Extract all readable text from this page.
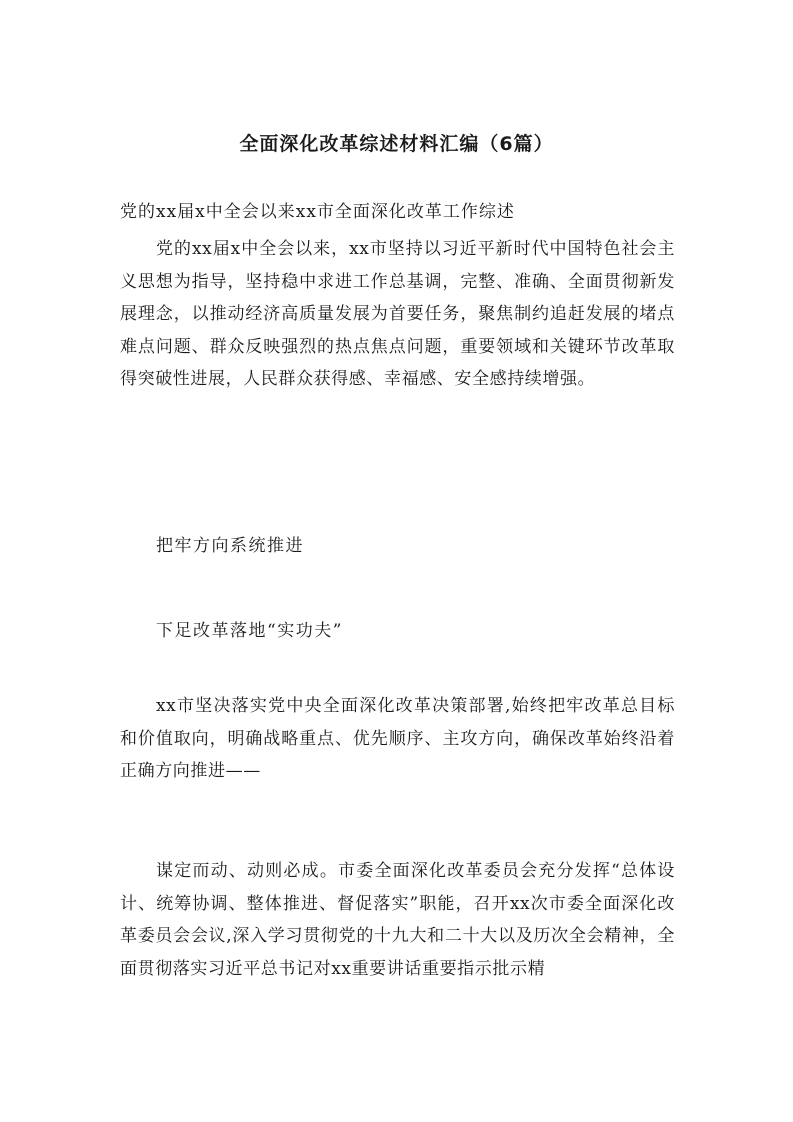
全面深化改革综述材料汇编（6篇）
党的xx届x中全会以来xx市全面深化改革工作综述
党的xx届x中全会以来，xx市坚持以习近平新时代中国特色社会主义思想为指导，坚持稳中求进工作总基调，完整、准确、全面贯彻新发展理念，以推动经济高质量发展为首要任务，聚焦制约追赶发展的堵点难点问题、群众反映强烈的热点焦点问题，重要领域和关键环节改革取得突破性进展，人民群众获得感、幸福感、安全感持续增强。
把牢方向系统推进
下足改革落地“实功夫”
xx市坚决落实党中央全面深化改革决策部署,始终把牢改革总目标和价值取向，明确战略重点、优先顺序、主攻方向，确保改革始终沿着正确方向推进——
谋定而动、动则必成。市委全面深化改革委员会充分发挥“总体设计、统筹协调、整体推进、督促落实”职能，召开xx次市委全面深化改革委员会会议,深入学习贯彻党的十九大和二十大以及历次全会精神，全面贯彻落实习近平总书记对xx重要讲话重要指示批示精
